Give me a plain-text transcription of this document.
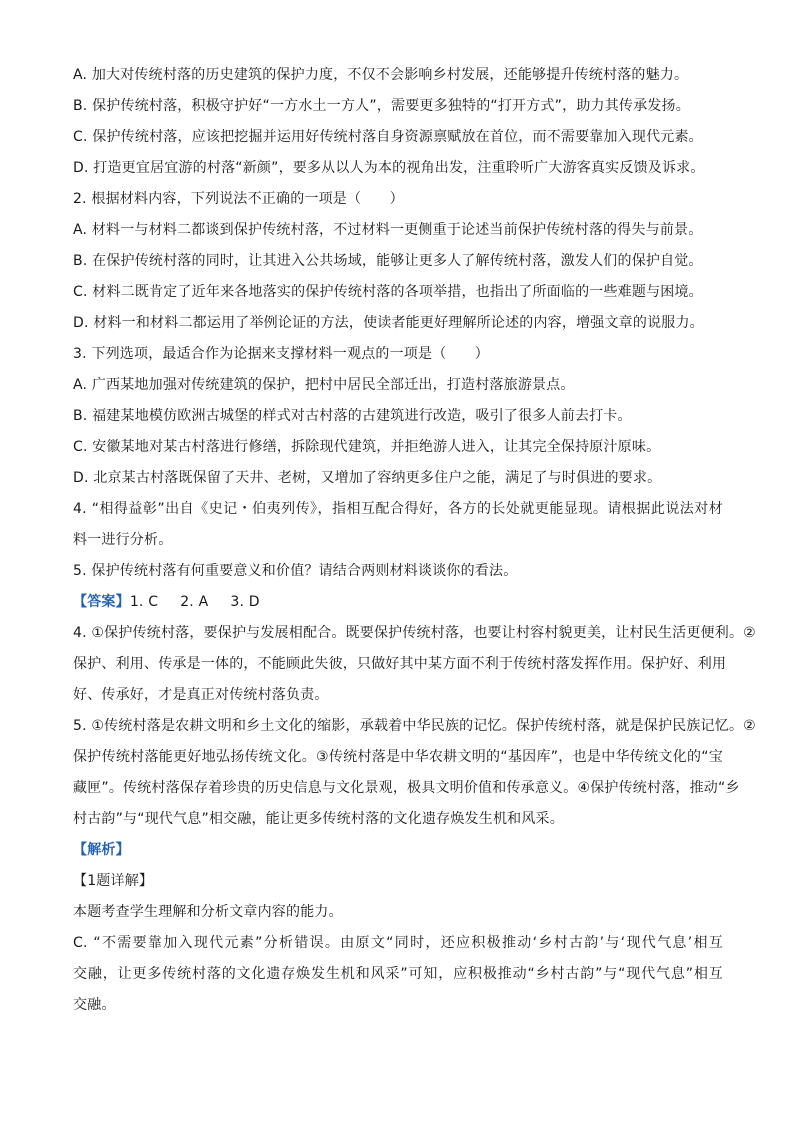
A. 加大对传统村落的历史建筑的保护力度，不仅不会影响乡村发展，还能够提升传统村落的魅力。
B. 保护传统村落，积极守护好“一方水土一方人”，需要更多独特的“打开方式”，助力其传承发扬。
C. 保护传统村落，应该把挖掘并运用好传统村落自身资源禀赋放在首位，而不需要靠加入现代元素。
D. 打造更宜居宜游的村落“新颜”，要多从以人为本的视角出发，注重聆听广大游客真实反馈及诉求。
2. 根据材料内容，下列说法不正确的一项是（　　）
A. 材料一与材料二都谈到保护传统村落，不过材料一更侧重于论述当前保护传统村落的得失与前景。
B. 在保护传统村落的同时，让其进入公共场域，能够让更多人了解传统村落，激发人们的保护自觉。
C. 材料二既肯定了近年来各地落实的保护传统村落的各项举措，也指出了所面临的一些难题与困境。
D. 材料一和材料二都运用了举例论证的方法，使读者能更好理解所论述的内容，增强文章的说服力。
3. 下列选项，最适合作为论据来支撑材料一观点的一项是（　　）
A. 广西某地加强对传统建筑的保护，把村中居民全部迁出，打造村落旅游景点。
B. 福建某地模仿欧洲古城堡的样式对古村落的古建筑进行改造，吸引了很多人前去打卡。
C. 安徽某地对某古村落进行修缮，拆除现代建筑，并拒绝游人进入，让其完全保持原汁原味。
D. 北京某古村落既保留了天井、老树，又增加了容纳更多住户之能，满足了与时俱进的要求。
4. “相得益彰”出自《史记・伯夷列传》，指相互配合得好，各方的长处就更能显现。请根据此说法对材
料一进行分析。
5. 保护传统村落有何重要意义和价值？请结合两则材料谈谈你的看法。
【答案】1. C 2. A 3. D
4. ①保护传统村落，要保护与发展相配合。既要保护传统村落，也要让村容村貌更美，让村民生活更便利。②
保护、利用、传承是一体的，不能顾此失彼，只做好其中某方面不利于传统村落发挥作用。保护好、利用
好、传承好，才是真正对传统村落负责。
5. ①传统村落是农耕文明和乡土文化的缩影，承载着中华民族的记忆。保护传统村落，就是保护民族记忆。②
保护传统村落能更好地弘扬传统文化。③传统村落是中华农耕文明的“基因库”，也是中华传统文化的“宝
藏匣”。传统村落保存着珍贵的历史信息与文化景观，极具文明价值和传承意义。④保护传统村落，推动“乡
村古韵”与“现代气息”相交融，能让更多传统村落的文化遗存焕发生机和风采。
【解析】
【1题详解】
本题考查学生理解和分析文章内容的能力。
C. “不需要靠加入现代元素”分析错误。由原文“同时，还应积极推动‘乡村古韵’与‘现代气息’相互
交融，让更多传统村落的文化遗存焕发生机和风采”可知，应积极推动“乡村古韵”与“现代气息”相互
交融。
